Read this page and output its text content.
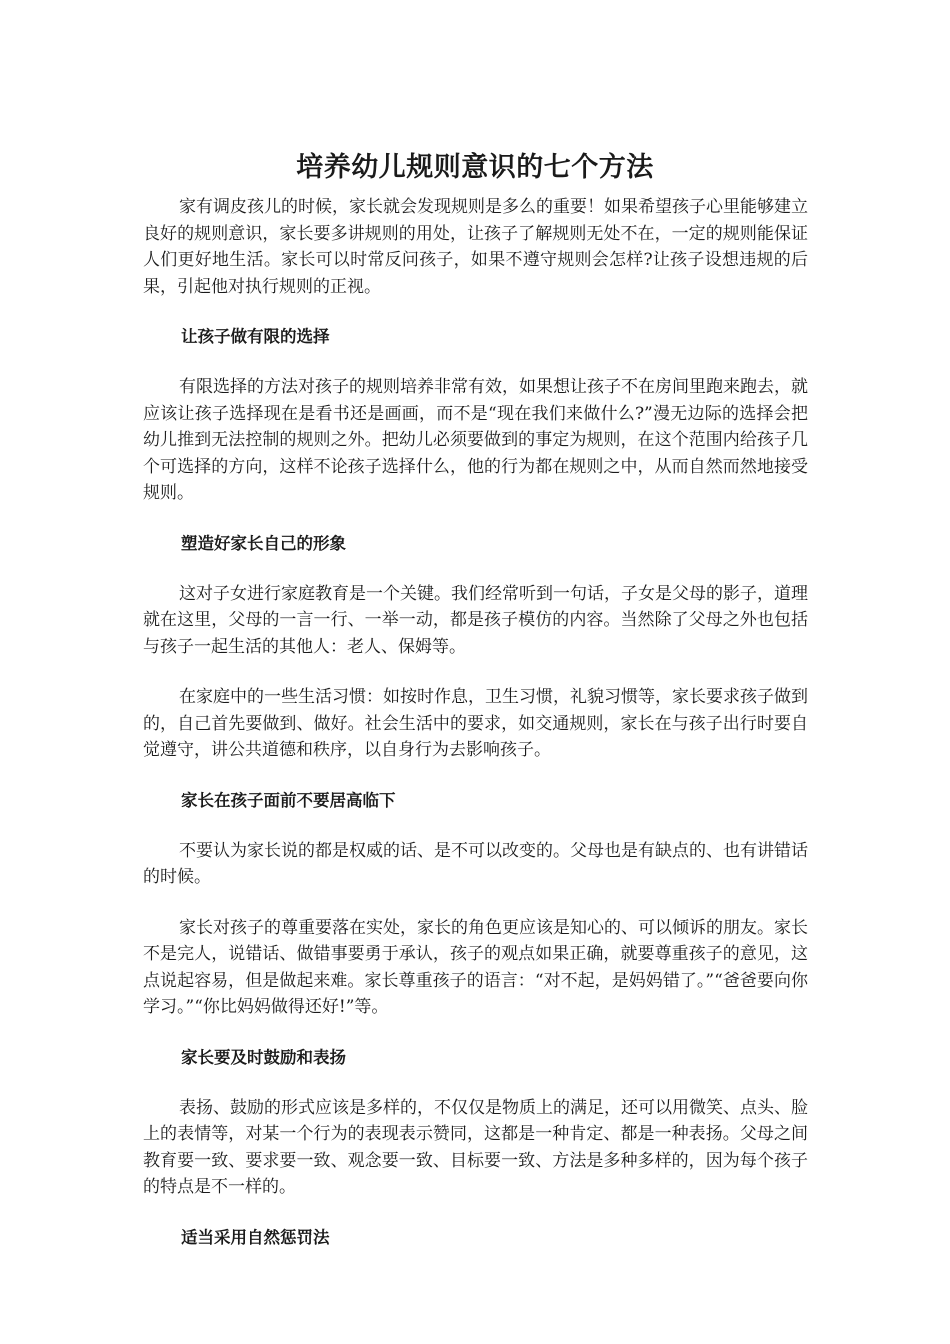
培养幼儿规则意识的七个方法

家有调皮孩儿的时候，家长就会发现规则是多么的重要！如果希望孩子心里能够建立良好的规则意识，家长要多讲规则的用处，让孩子了解规则无处不在，一定的规则能保证人们更好地生活。家长可以时常反问孩子，如果不遵守规则会怎样?让孩子设想违规的后果，引起他对执行规则的正视。

让孩子做有限的选择

有限选择的方法对孩子的规则培养非常有效，如果想让孩子不在房间里跑来跑去，就应该让孩子选择现在是看书还是画画，而不是“现在我们来做什么?”漫无边际的选择会把幼儿推到无法控制的规则之外。把幼儿必须要做到的事定为规则，在这个范围内给孩子几个可选择的方向，这样不论孩子选择什么，他的行为都在规则之中，从而自然而然地接受规则。

塑造好家长自己的形象

这对子女进行家庭教育是一个关键。我们经常听到一句话，子女是父母的影子，道理就在这里，父母的一言一行、一举一动，都是孩子模仿的内容。当然除了父母之外也包括与孩子一起生活的其他人：老人、保姆等。

在家庭中的一些生活习惯：如按时作息，卫生习惯，礼貌习惯等，家长要求孩子做到的，自己首先要做到、做好。社会生活中的要求，如交通规则，家长在与孩子出行时要自觉遵守，讲公共道德和秩序，以自身行为去影响孩子。

家长在孩子面前不要居高临下

不要认为家长说的都是权威的话、是不可以改变的。父母也是有缺点的、也有讲错话的时候。

家长对孩子的尊重要落在实处，家长的角色更应该是知心的、可以倾诉的朋友。家长不是完人，说错话、做错事要勇于承认，孩子的观点如果正确，就要尊重孩子的意见，这点说起容易，但是做起来难。家长尊重孩子的语言：“对不起，是妈妈错了。”“爸爸要向你学习。”“你比妈妈做得还好!”等。

家长要及时鼓励和表扬

表扬、鼓励的形式应该是多样的，不仅仅是物质上的满足，还可以用微笑、点头、脸上的表情等，对某一个行为的表现表示赞同，这都是一种肯定、都是一种表扬。父母之间教育要一致、要求要一致、观念要一致、目标要一致、方法是多种多样的，因为每个孩子的特点是不一样的。

适当采用自然惩罚法
